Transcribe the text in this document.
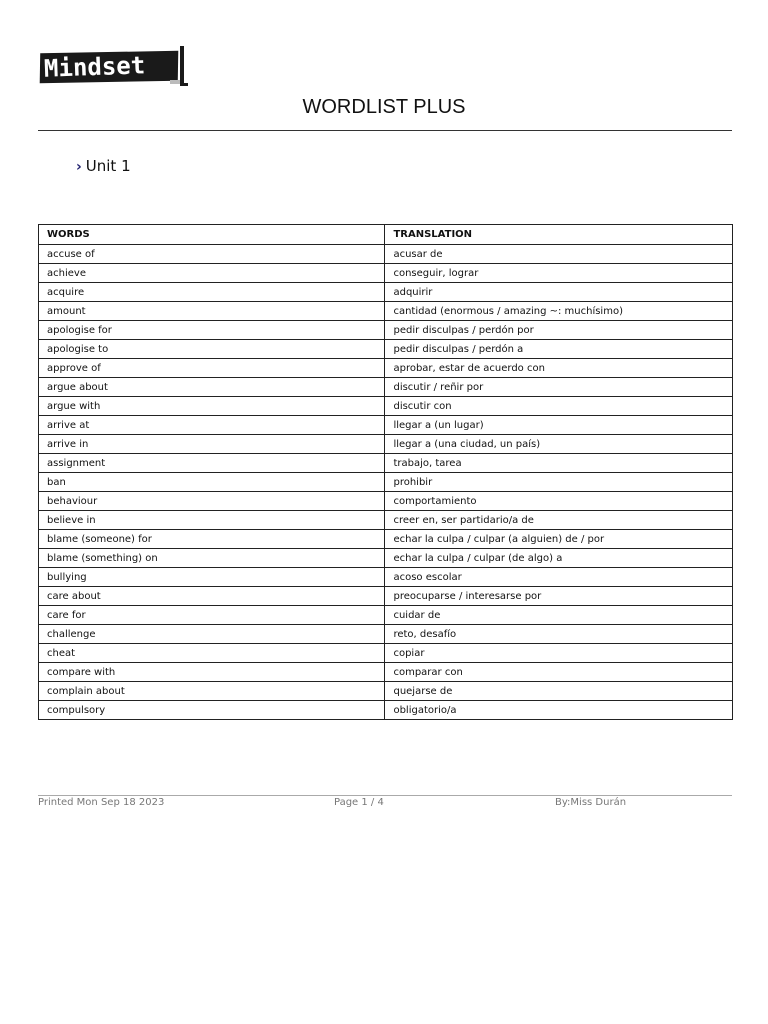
Mindset
WORDLIST PLUS
› Unit 1
WORDS	TRANSLATION
accuse of	acusar de
achieve	conseguir, lograr
acquire	adquirir
amount	cantidad (enormous / amazing ~: muchísimo)
apologise for	pedir disculpas / perdón por
apologise to	pedir disculpas / perdón a
approve of	aprobar, estar de acuerdo con
argue about	discutir / reñir por
argue with	discutir con
arrive at	llegar a (un lugar)
arrive in	llegar a (una ciudad, un país)
assignment	trabajo, tarea
ban	prohibir
behaviour	comportamiento
believe in	creer en, ser partidario/a de
blame (someone) for	echar la culpa / culpar (a alguien) de / por
blame (something) on	echar la culpa / culpar (de algo) a
bullying	acoso escolar
care about	preocuparse / interesarse por
care for	cuidar de
challenge	reto, desafío
cheat	copiar
compare with	comparar con
complain about	quejarse de
compulsory	obligatorio/a
Printed Mon Sep 18 2023	Page 1 / 4	By:Miss Durán
